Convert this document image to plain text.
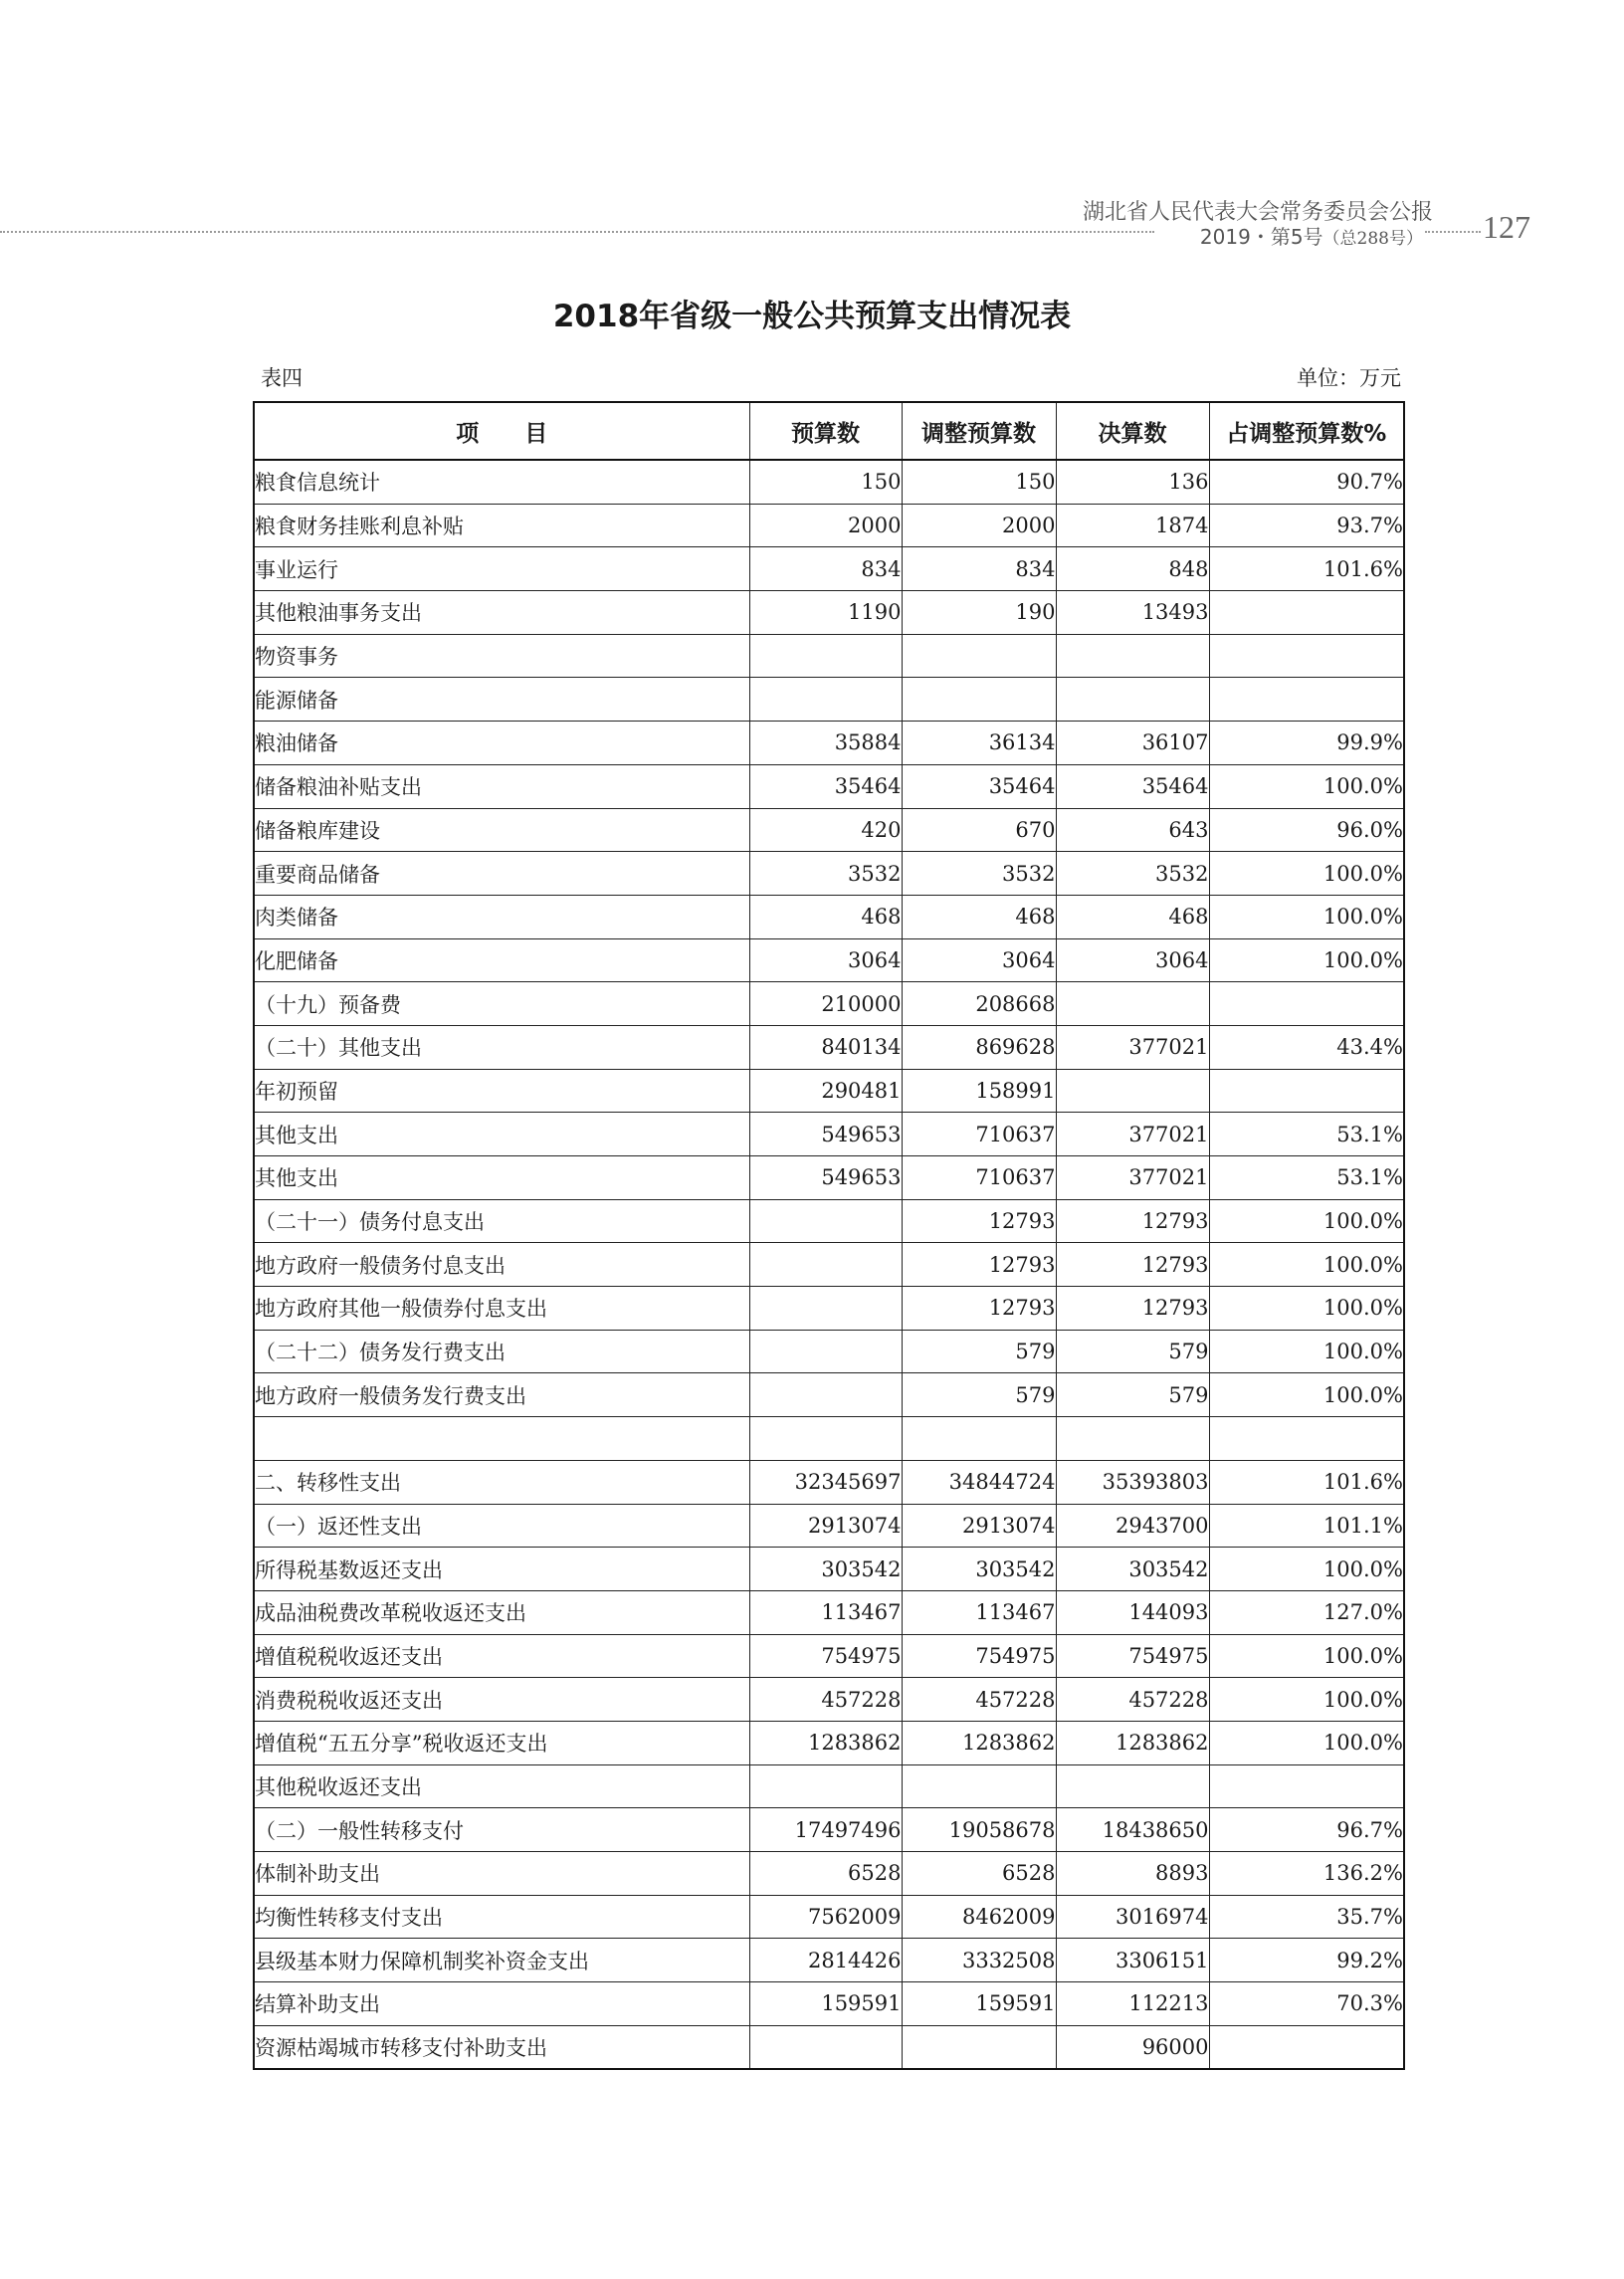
湖北省人民代表大会常务委员会公报
2019・第5号（总288号） 127
2018年省级一般公共预算支出情况表
表四	单位：万元
项　　目	预算数	调整预算数	决算数	占调整预算数%
粮食信息统计	150	150	136	90.7%
粮食财务挂账利息补贴	2000	2000	1874	93.7%
事业运行	834	834	848	101.6%
其他粮油事务支出	1190	190	13493	
物资事务				
能源储备				
粮油储备	35884	36134	36107	99.9%
储备粮油补贴支出	35464	35464	35464	100.0%
储备粮库建设	420	670	643	96.0%
重要商品储备	3532	3532	3532	100.0%
肉类储备	468	468	468	100.0%
化肥储备	3064	3064	3064	100.0%
（十九）预备费	210000	208668		
（二十）其他支出	840134	869628	377021	43.4%
年初预留	290481	158991		
其他支出	549653	710637	377021	53.1%
其他支出	549653	710637	377021	53.1%
（二十一）债务付息支出		12793	12793	100.0%
地方政府一般债务付息支出		12793	12793	100.0%
地方政府其他一般债券付息支出		12793	12793	100.0%
（二十二）债务发行费支出		579	579	100.0%
地方政府一般债务发行费支出		579	579	100.0%

二、转移性支出	32345697	34844724	35393803	101.6%
（一）返还性支出	2913074	2913074	2943700	101.1%
所得税基数返还支出	303542	303542	303542	100.0%
成品油税费改革税收返还支出	113467	113467	144093	127.0%
增值税税收返还支出	754975	754975	754975	100.0%
消费税税收返还支出	457228	457228	457228	100.0%
增值税“五五分享”税收返还支出	1283862	1283862	1283862	100.0%
其他税收返还支出				
（二）一般性转移支付	17497496	19058678	18438650	96.7%
体制补助支出	6528	6528	8893	136.2%
均衡性转移支付支出	7562009	8462009	3016974	35.7%
县级基本财力保障机制奖补资金支出	2814426	3332508	3306151	99.2%
结算补助支出	159591	159591	112213	70.3%
资源枯竭城市转移支付补助支出			96000	
